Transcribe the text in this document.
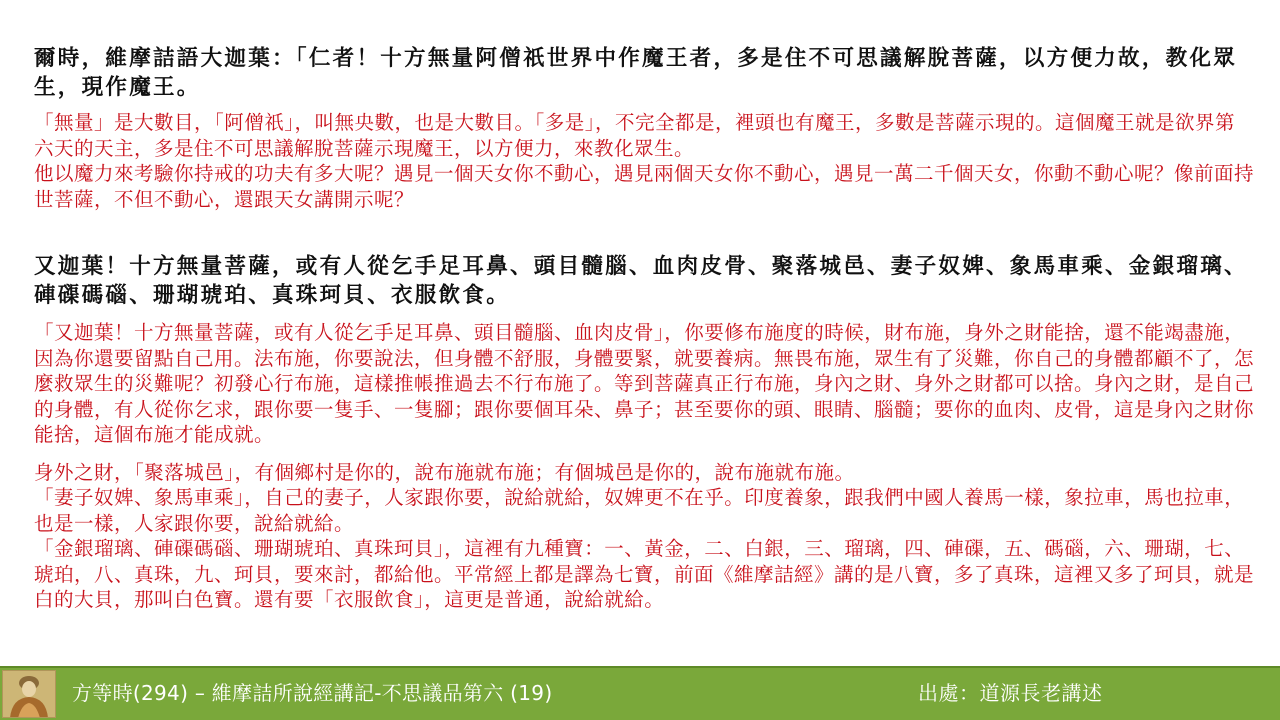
爾時，維摩詰語大迦葉：「仁者！十方無量阿僧祇世界中作魔王者，多是住不可思議解脫菩薩，以方便力故，教化眾生，現作魔王。

「無量」是大數目，「阿僧祇」，叫無央數，也是大數目。「多是」，不完全都是，裡頭也有魔王，多數是菩薩示現的。這個魔王就是欲界第六天的天主，多是住不可思議解脫菩薩示現魔王，以方便力，來教化眾生。

他以魔力來考驗你持戒的功夫有多大呢？遇見一個天女你不動心，遇見兩個天女你不動心，遇見一萬二千個天女，你動不動心呢？像前面持世菩薩，不但不動心，還跟天女講開示呢？

又迦葉！十方無量菩薩，或有人從乞手足耳鼻、頭目髓腦、血肉皮骨、聚落城邑、妻子奴婢、象馬車乘、金銀瑠璃、硨磲碼碯、珊瑚琥珀、真珠珂貝、衣服飲食。

「又迦葉！十方無量菩薩，或有人從乞手足耳鼻、頭目髓腦、血肉皮骨」，你要修布施度的時候，財布施，身外之財能捨，還不能竭盡施，因為你還要留點自己用。法布施，你要說法，但身體不舒服，身體要緊，就要養病。無畏布施，眾生有了災難，你自己的身體都顧不了，怎麼救眾生的災難呢？初發心行布施，這樣推帳推過去不行布施了。等到菩薩真正行布施，身內之財、身外之財都可以捨。身內之財，是自己的身體，有人從你乞求，跟你要一隻手、一隻腳；跟你要個耳朵、鼻子；甚至要你的頭、眼睛、腦髓；要你的血肉、皮骨，這是身內之財你能捨，這個布施才能成就。

身外之財，「聚落城邑」，有個鄉村是你的，說布施就布施；有個城邑是你的，說布施就布施。

「妻子奴婢、象馬車乘」，自己的妻子，人家跟你要，說給就給，奴婢更不在乎。印度養象，跟我們中國人養馬一樣，象拉車，馬也拉車，也是一樣，人家跟你要，說給就給。

「金銀瑠璃、硨磲碼碯、珊瑚琥珀、真珠珂貝」，這裡有九種寶：一、黃金，二、白銀，三、瑠璃，四、硨磲，五、碼碯，六、珊瑚，七、琥珀，八、真珠，九、珂貝，要來討，都給他。平常經上都是譯為七寶，前面《維摩詰經》講的是八寶，多了真珠，這裡又多了珂貝，就是白的大貝，那叫白色寶。還有要「衣服飲食」，這更是普通，說給就給。

方等時(294) – 維摩詰所說經講記-不思議品第六 (19)	出處：道源長老講述
